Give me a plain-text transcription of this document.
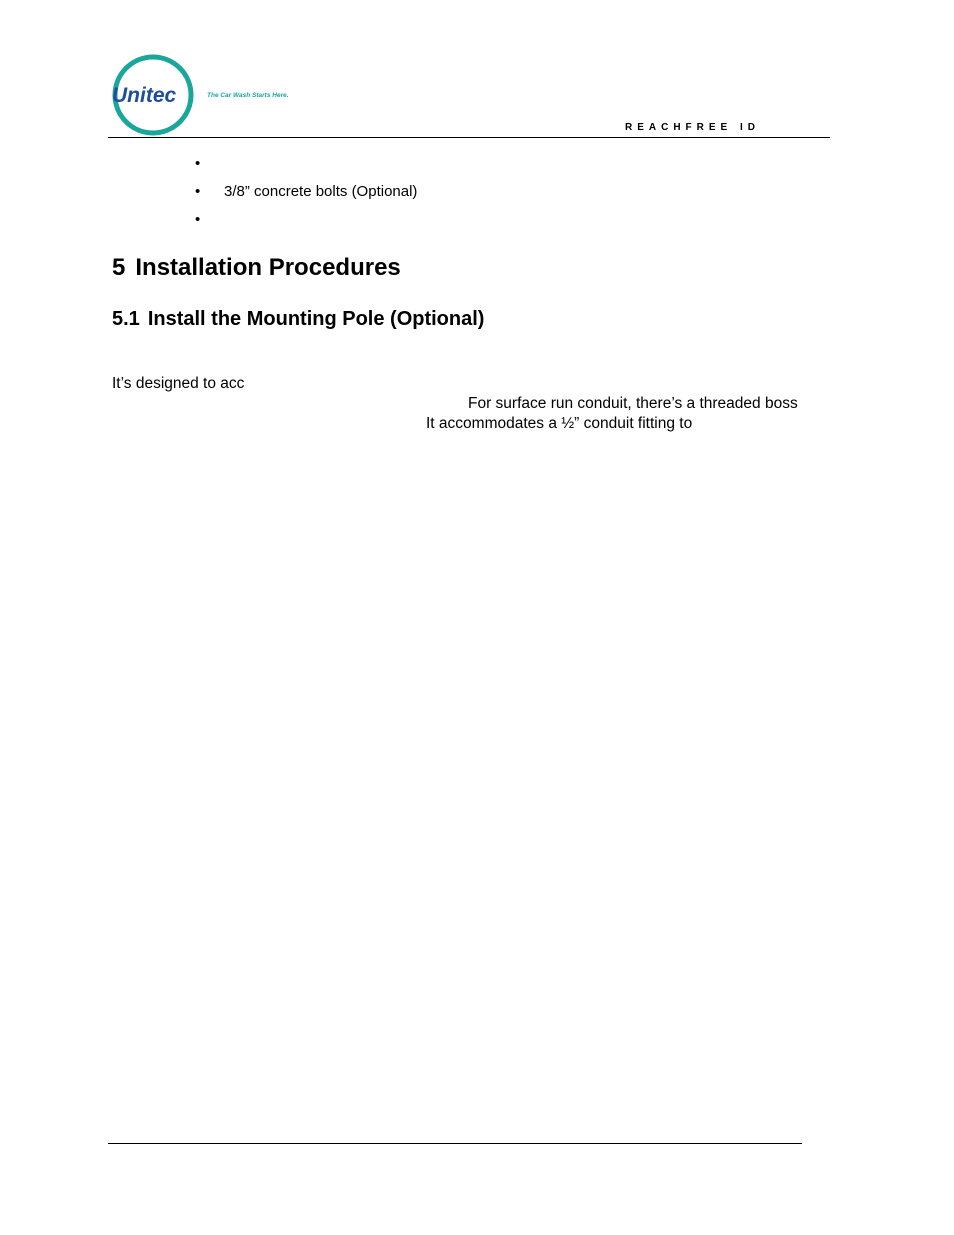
Unitec	The Car Wash Starts Here.
REACHFREE ID
•
• 3/8” concrete bolts (Optional)
•
5 Installation Procedures
5.1 Install the Mounting Pole (Optional)
It’s designed to acc
For surface run conduit, there’s a threaded boss
It accommodates a ½” conduit fitting to
